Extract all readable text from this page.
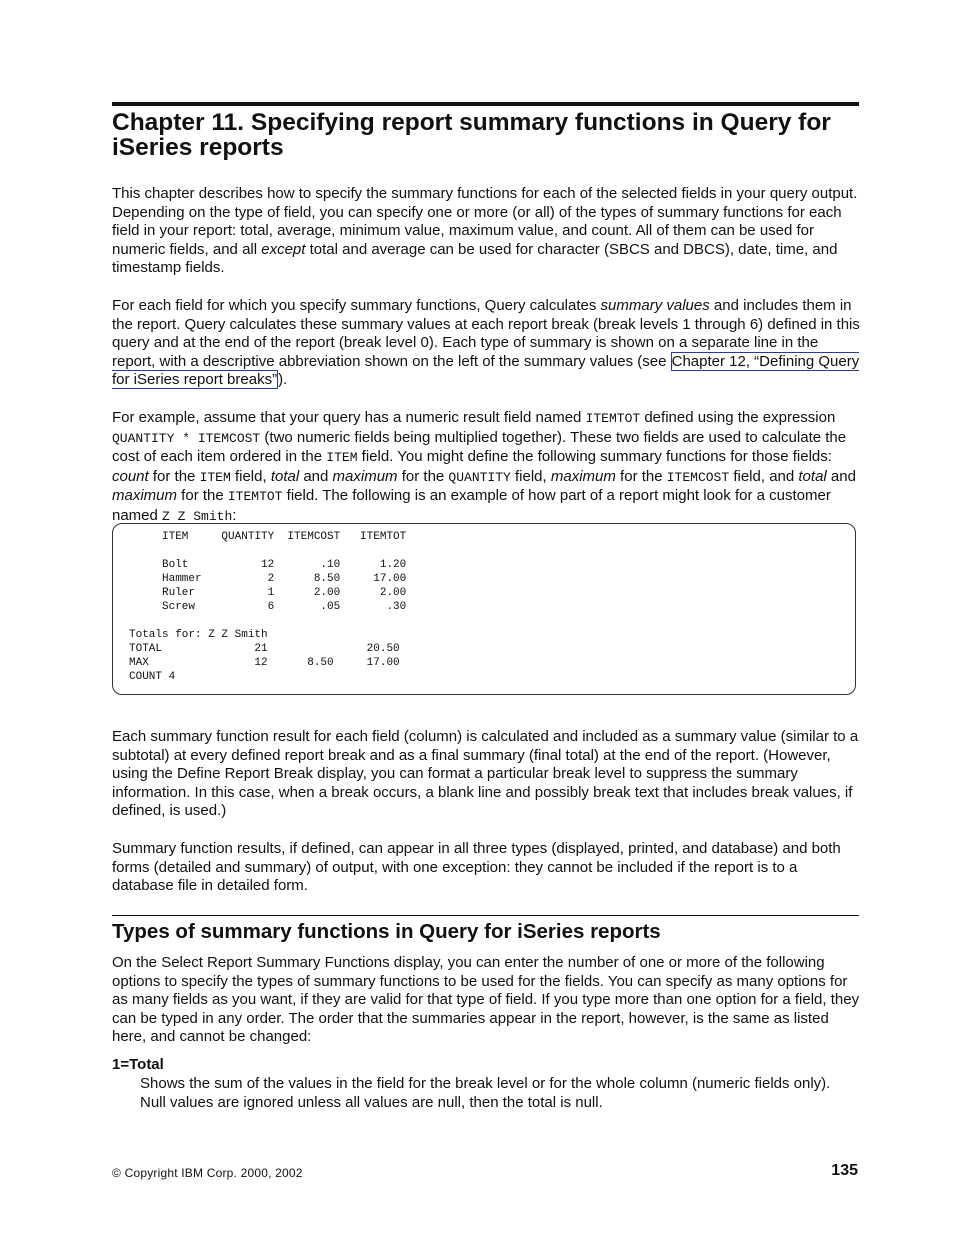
Chapter 11. Specifying report summary functions in Query for iSeries reports

This chapter describes how to specify the summary functions for each of the selected fields in your query output. Depending on the type of field, you can specify one or more (or all) of the types of summary functions for each field in your report: total, average, minimum value, maximum value, and count. All of them can be used for numeric fields, and all except total and average can be used for character (SBCS and DBCS), date, time, and timestamp fields.

For each field for which you specify summary functions, Query calculates summary values and includes them in the report. Query calculates these summary values at each report break (break levels 1 through 6) defined in this query and at the end of the report (break level 0). Each type of summary is shown on a separate line in the report, with a descriptive abbreviation shown on the left of the summary values (see Chapter 12, “Defining Query for iSeries report breaks”).

For example, assume that your query has a numeric result field named ITEMTOT defined using the expression QUANTITY * ITEMCOST (two numeric fields being multiplied together). These two fields are used to calculate the cost of each item ordered in the ITEM field. You might define the following summary functions for those fields: count for the ITEM field, total and maximum for the QUANTITY field, maximum for the ITEMCOST field, and total and maximum for the ITEMTOT field. The following is an example of how part of a report might look for a customer named Z Z Smith:

ITEM     QUANTITY  ITEMCOST   ITEMTOT

Bolt           12       .10      1.20
Hammer          2      8.50     17.00
Ruler           1      2.00      2.00
Screw           6       .05       .30

Totals for: Z Z Smith
TOTAL              21               20.50
MAX                12      8.50     17.00
COUNT 4

Each summary function result for each field (column) is calculated and included as a summary value (similar to a subtotal) at every defined report break and as a final summary (final total) at the end of the report. (However, using the Define Report Break display, you can format a particular break level to suppress the summary information. In this case, when a break occurs, a blank line and possibly break text that includes break values, if defined, is used.)

Summary function results, if defined, can appear in all three types (displayed, printed, and database) and both forms (detailed and summary) of output, with one exception: they cannot be included if the report is to a database file in detailed form.

Types of summary functions in Query for iSeries reports

On the Select Report Summary Functions display, you can enter the number of one or more of the following options to specify the types of summary functions to be used for the fields. You can specify as many options for as many fields as you want, if they are valid for that type of field. If you type more than one option for a field, they can be typed in any order. The order that the summaries appear in the report, however, is the same as listed here, and cannot be changed:

1=Total

Shows the sum of the values in the field for the break level or for the whole column (numeric fields only). Null values are ignored unless all values are null, then the total is null.

© Copyright IBM Corp. 2000, 2002	135
